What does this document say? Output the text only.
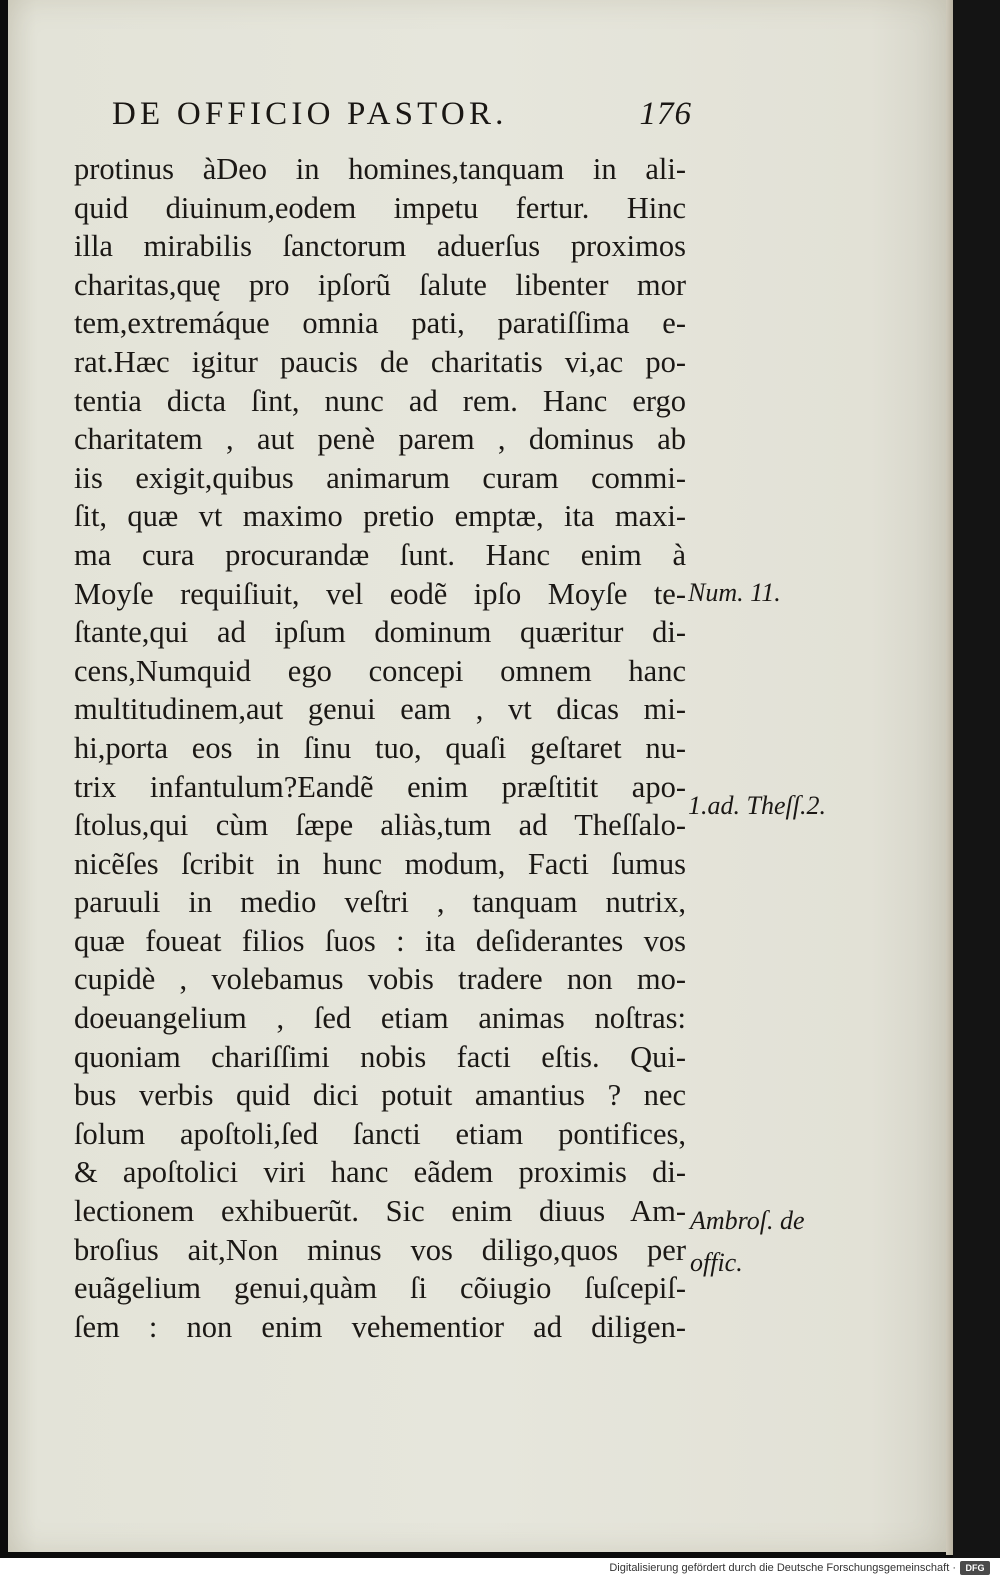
DE OFFICIO PASTOR.	176
protinus àDeo in homines,tanquam in ali-
quid diuinum,eodem impetu fertur. Hinc
illa mirabilis ſanctorum aduerſus proximos
charitas,quę pro ipſorũ ſalute libenter mor
tem,extremáque omnia pati, paratiſſima e-
rat.Hæc igitur paucis de charitatis vi,ac po-
tentia dicta ſint, nunc ad rem. Hanc ergo
charitatem , aut penè parem , dominus ab
iis exigit,quibus animarum curam commi-
ſit, quæ vt maximo pretio emptæ, ita maxi-
ma cura procurandæ ſunt. Hanc enim à
Moyſe requiſiuit, vel eodẽ ipſo Moyſe te-
ſtante,qui ad ipſum dominum quæritur di-
cens,Numquid ego concepi omnem hanc
multitudinem,aut genui eam , vt dicas mi-
hi,porta eos in ſinu tuo, quaſi geſtaret nu-
trix infantulum?Eandẽ enim præſtitit apo-
ſtolus,qui cùm ſæpe aliàs,tum ad Theſſalo-
nicẽſes ſcribit in hunc modum, Facti ſumus
paruuli in medio veſtri , tanquam nutrix,
quæ foueat filios ſuos : ita deſiderantes vos
cupidè , volebamus vobis tradere non mo-
doeuangelium , ſed etiam animas noſtras:
quoniam chariſſimi nobis facti eſtis. Qui-
bus verbis quid dici potuit amantius ? nec
ſolum apoſtoli,ſed ſancti etiam pontifices,
& apoſtolici viri hanc eãdem proximis di-
lectionem exhibuerũt. Sic enim diuus Am-
broſius ait,Non minus vos diligo,quos per
euãgelium genui,quàm ſi cõiugio ſuſcepiſ-
ſem : non enim vehementior ad diligen-
Num. 11.
1.ad. Theſſ.2.
Ambroſ. de
offic.
Digitalisierung gefördert durch die Deutsche Forschungsgemeinschaft ·	DFG
